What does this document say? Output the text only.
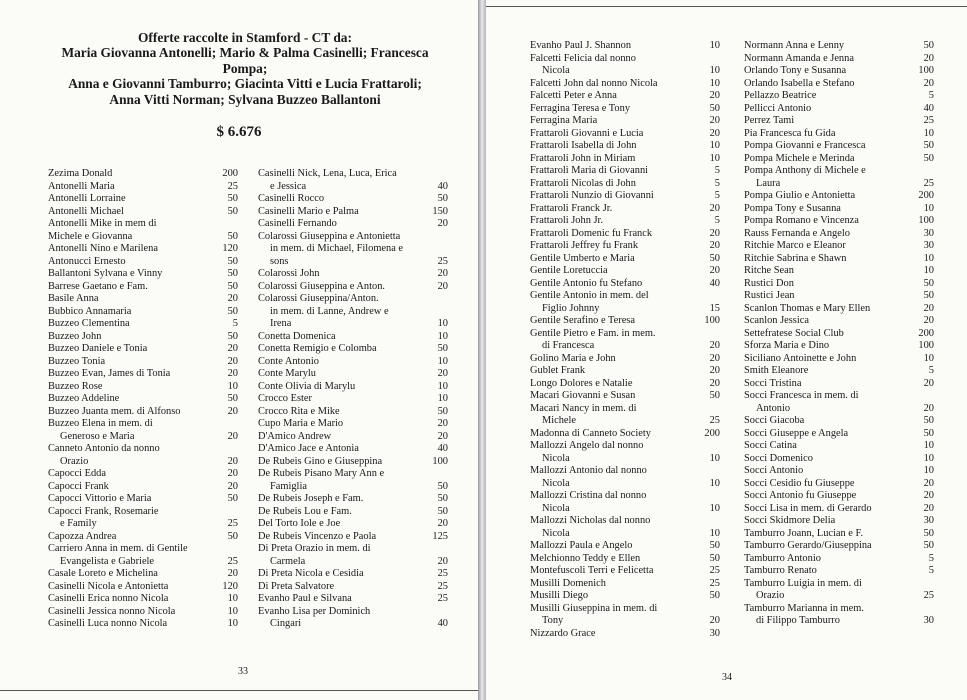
Offerte raccolte in Stamford - CT da:
Maria Giovanna Antonelli; Mario & Palma Casinelli; Francesca
Pompa;
Anna e Giovanni Tamburro; Giacinta Vitti e Lucia Frattaroli;
Anna Vitti Norman; Sylvana Buzzeo Ballantoni
$ 6.676
Zezima Donald	200
Antonelli Maria	25
Antonelli Lorraine	50
Antonelli Michael	50
Antonelli Mike in mem di
Michele e Giovanna	50
Antonelli Nino e Marilena	120
Antonucci Ernesto	50
Ballantoni Sylvana e Vinny	50
Barrese Gaetano e Fam.	50
Basile Anna	20
Bubbico Annamaria	50
Buzzeo Clementina	5
Buzzeo John	50
Buzzeo Daniele e Tonia	20
Buzzeo Tonia	20
Buzzeo Evan, James di Tonia	20
Buzzeo Rose	10
Buzzeo Addeline	50
Buzzeo Juanta mem. di Alfonso	20
Buzzeo Elena in mem. di
Generoso e Maria	20
Canneto Antonio da nonno
Orazio	20
Capocci Edda	20
Capocci Frank	20
Capocci Vittorio e Maria	50
Capocci Frank, Rosemarie
e Family	25
Capozza Andrea	50
Carriero Anna in mem. di Gentile
Evangelista e Gabriele	25
Casale Loreto e Michelina	20
Casinelli Nicola e Antonietta	120
Casinelli Erica nonno Nicola	10
Casinelli Jessica nonno Nicola	10
Casinelli Luca nonno Nicola	10
Casinelli Nick, Lena, Luca, Erica
e Jessica	40
Casinelli Rocco	50
Casinelli Mario e Palma	150
Casinelli Fernando	20
Colarossi Giuseppina e Antonietta
in mem. di Michael, Filomena e
sons	25
Colarossi John	20
Colarossi Giuseppina e Anton.	20
Colarossi Giuseppina/Anton.
in mem. di Lanne, Andrew e
Irena	10
Conetta Domenica	10
Conetta Remigio e Colomba	50
Conte Antonio	10
Conte Marylu	20
Conte Olivia di Marylu	10
Crocco Ester	10
Crocco Rita e Mike	50
Cupo Maria e Mario	20
D'Amico Andrew	20
D'Amico Jace e Antonia	40
De Rubeis Gino e Giuseppina	100
De Rubeis Pisano Mary Ann e
Famiglia	50
De Rubeis Joseph e Fam.	50
De Rubeis Lou e Fam.	50
Del Torto Iole e Joe	20
De Rubeis Vincenzo e Paola	125
Di Preta Orazio in mem. di
Carmela	20
Di Preta Nicola e Cesidia	25
Di Preta Salvatore	25
Evanho Paul e Silvana	25
Evanho Lisa per Dominich
Cingari	40
33
Evanho Paul J. Shannon	10
Falcetti Felicia dal nonno
Nicola	10
Falcetti John dal nonno Nicola	10
Falcetti Peter e Anna	20
Ferragina Teresa e Tony	50
Ferragina Maria	20
Frattaroli Giovanni e Lucia	20
Frattaroli Isabella di John	10
Frattaroli John in Miriam	10
Frattaroli Maria di Giovanni	5
Frattaroli Nicolas di John	5
Frattaroli Nunzio di Giovanni	5
Frattaroli Franck Jr.	20
Frattaroli John Jr.	5
Frattaroli Domenic fu Franck	20
Frattaroli Jeffrey fu Frank	20
Gentile Umberto e Maria	50
Gentile Loretuccia	20
Gentile Antonio fu Stefano	40
Gentile Antonio in mem. del
Figlio Johnny	15
Gentile Serafino e Teresa	100
Gentile Pietro e Fam. in mem.
di Francesca	20
Golino Maria e John	20
Gublet Frank	20
Longo Dolores e Natalie	20
Macari Giovanni e Susan	50
Macari Nancy in mem. di
Michele	25
Madonna di Canneto Society	200
Mallozzi Angelo dal nonno
Nicola	10
Mallozzi Antonio dal nonno
Nicola	10
Mallozzi Cristina dal nonno
Nicola	10
Mallozzi Nicholas dal nonno
Nicola	10
Mallozzi Paula e Angelo	50
Melchionno Teddy e Ellen	50
Montefuscoli Terri e Felicetta	25
Musilli Domenich	25
Musilli Diego	50
Musilli Giuseppina in mem. di
Tony	20
Nizzardo Grace	30
Normann Anna e Lenny	50
Normann Amanda e Jenna	20
Orlando Tony e Susanna	100
Orlando Isabella e Stefano	20
Pellazzo Beatrice	5
Pellicci Antonio	40
Perrez Tami	25
Pia Francesca fu Gida	10
Pompa Giovanni e Francesca	50
Pompa Michele e Merinda	50
Pompa Anthony di Michele e
Laura	25
Pompa Giulio e Antonietta	200
Pompa Tony e Susanna	10
Pompa Romano e Vincenza	100
Rauss Fernanda e Angelo	30
Ritchie Marco e Eleanor	30
Ritchie Sabrina e Shawn	10
Ritche Sean	10
Rustici Don	50
Rustici Jean	50
Scanlon Thomas e Mary Ellen	20
Scanlon Jessica	20
Settefratese Social Club	200
Sforza Maria e Dino	100
Siciliano Antoinette e John	10
Smith Eleanore	5
Socci Tristina	20
Socci Francesca in mem. di
Antonio	20
Socci Giacoba	50
Socci Giuseppe e Angela	50
Socci Catina	10
Socci Domenico	10
Socci Antonio	10
Socci Cesidio fu Giuseppe	20
Socci Antonio fu Giuseppe	20
Socci Lisa in mem. di Gerardo	20
Socci Skidmore Delia	30
Tamburro Joann, Lucian e F.	50
Tamburro Gerardo/Giuseppina	50
Tamburro Antonio	5
Tamburro Renato	5
Tamburro Luigia in mem. di
Orazio	25
Tamburro Marianna in mem.
di Filippo Tamburro	30
34
